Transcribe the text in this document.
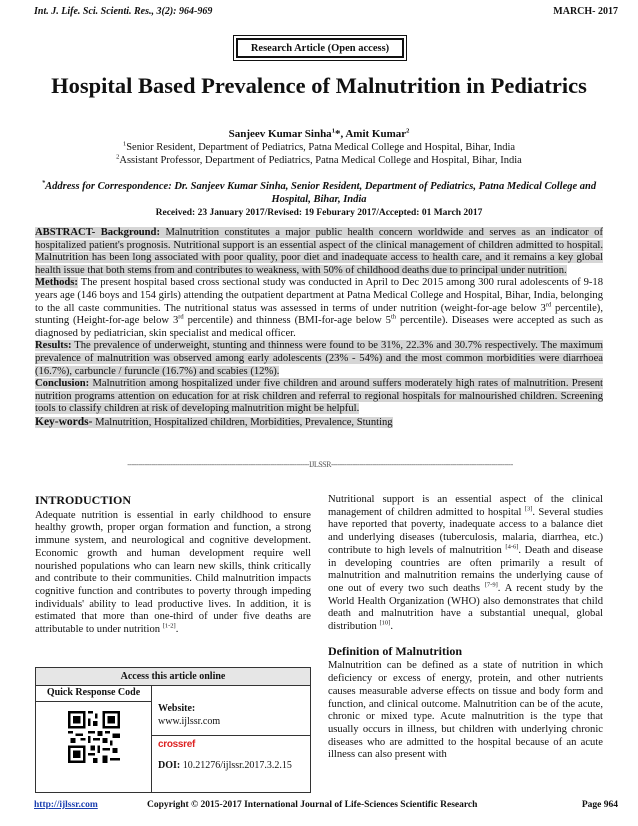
Int. J. Life. Sci. Scienti. Res., 3(2): 964-969	MARCH- 2017
Research Article (Open access)
Hospital Based Prevalence of Malnutrition in Pediatrics
Sanjeev Kumar Sinha$^1$*, Amit Kumar$^2$
$^1$Senior Resident, Department of Pediatrics, Patna Medical College and Hospital, Bihar, India
$^2$Assistant Professor, Department of Pediatrics, Patna Medical College and Hospital, Bihar, India
*Address for Correspondence: Dr. Sanjeev Kumar Sinha, Senior Resident, Department of Pediatrics, Patna Medical College and Hospital, Bihar, India
Received: 23 January 2017/Revised: 19 Feburary 2017/Accepted: 01 March 2017

ABSTRACT- Background: Malnutrition constitutes a major public health concern worldwide and serves as an indicator of hospitalized patient's prognosis. Nutritional support is an essential aspect of the clinical management of children admitted to hospital. Malnutrition has been long associated with poor quality, poor diet and inadequate access to health care, and it remains a key global health issue that both stems from and contributes to weakness, with 50% of childhood deaths due to principal under nutrition.

Methods: The present hospital based cross sectional study was conducted in April to Dec 2015 among 300 rural adolescents of 9-18 years age (146 boys and 154 girls) attending the outpatient department at Patna Medical College and Hospital, Bihar, India, belonging to the all caste communities. The nutritional status was assessed in terms of under nutrition (weight-for-age below 3rd percentile), stunting (Height-for-age below 3rd percentile) and thinness (BMI-for-age below 5th percentile). Diseases were accepted as such as diagnosed by pediatrician, skin specialist and medical officer.

Results: The prevalence of underweight, stunting and thinness were found to be 31%, 22.3% and 30.7% respectively. The maximum prevalence of malnutrition was observed among early adolescents (23% - 54%) and the most common morbidities were diarrhoea (16.7%), carbuncle / furuncle (16.7%) and scabies (12%).

Conclusion: Malnutrition among hospitalized under five children and around suffers moderately high rates of malnutrition. Present nutrition programs attention on education for at risk children and referral to regional hospitals for malnourished children. Screening tools to classify children at risk of developing malnutrition might be helpful.

Key-words- Malnutrition, Hospitalized children, Morbidities, Prevalence, Stunting

------------------------------------------------------------------------------------IJLSSR------------------------------------------------------------------------------------
INTRODUCTION

Adequate nutrition is essential in early childhood to ensure healthy growth, proper organ formation and function, a strong immune system, and neurological and cognitive development. Economic growth and human development require well nourished populations who can learn new skills, think critically and contribute to their communities. Child malnutrition impacts cognitive function and contributes to poverty through impeding individuals' ability to lead productive lives. In addition, it is estimated that more than one-third of under five deaths are attributable to under nutrition [1-2].

Nutritional support is an essential aspect of the clinical management of children admitted to hospital [3]. Several studies have reported that poverty, inadequate access to a balance diet and underlying diseases (tuberculosis, malaria, diarrhea, etc.) contribute to high levels of malnutrition [4-6]. Death and disease in developing countries are often primarily a result of malnutrition and malnutrition remains the underlying cause of one out of every two such deaths [7-9]. A recent study by the World Health Organization (WHO) also demonstrates that child death and malnutrition have a substantial unequal, global distribution [10].

Definition of Malnutrition

Malnutrition can be defined as a state of nutrition in which deficiency or excess of energy, protein, and other nutrients causes measurable adverse effects on tissue and body form and function, and clinical outcome. Malnutrition can be of the acute, chronic or mixed type. Acute malnutrition is the type that usually occurs in illness, but children with underlying chronic diseases who are admitted to the hospital because of an acute illness can also present with

Access this article online
Quick Response Code
Website:
www.ijlssr.com
crossref
DOI: 10.21276/ijlssr.2017.3.2.15
http://ijlssr.com	Copyright © 2015-2017 International Journal of Life-Sciences Scientific Research	Page 964
